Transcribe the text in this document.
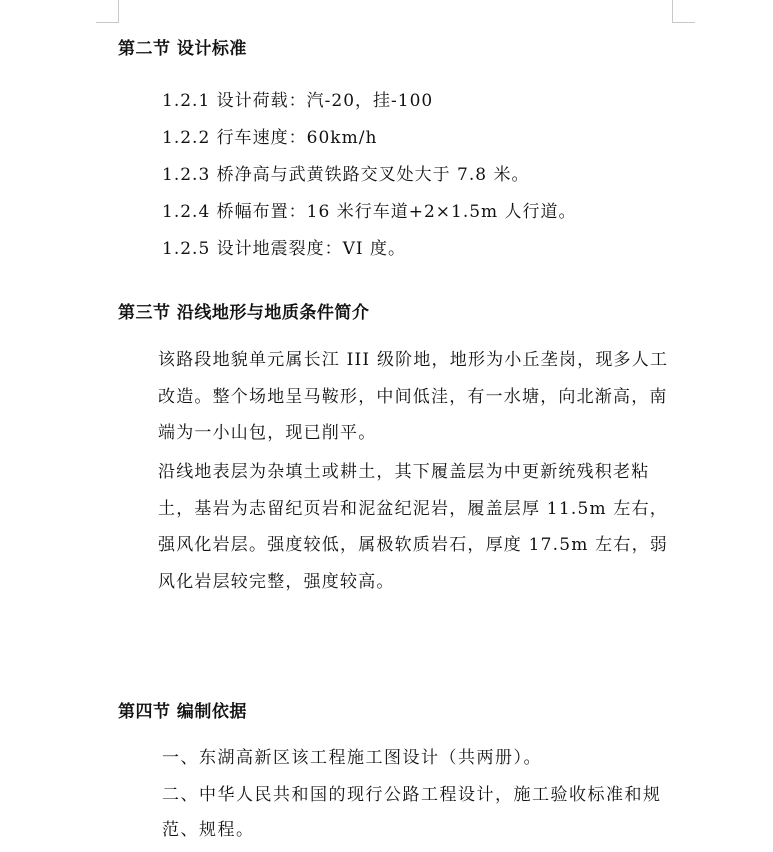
第二节 设计标准
1.2.1 设计荷载：汽-20，挂-100
1.2.2 行车速度：60km/h
1.2.3 桥净高与武黄铁路交叉处大于 7.8 米。
1.2.4 桥幅布置：16 米行车道+2×1.5m 人行道。
1.2.5 设计地震裂度：VI 度。
第三节 沿线地形与地质条件简介
该路段地貌单元属长江 III 级阶地，地形为小丘垄岗，现多人工改造。整个场地呈马鞍形，中间低洼，有一水塘，向北渐高，南端为一小山包，现已削平。
沿线地表层为杂填土或耕土，其下履盖层为中更新统残积老粘土，基岩为志留纪页岩和泥盆纪泥岩，履盖层厚 11.5m 左右，强风化岩层。强度较低，属极软质岩石，厚度 17.5m 左右，弱风化岩层较完整，强度较高。
第四节 编制依据
一、东湖高新区该工程施工图设计（共两册）。
二、中华人民共和国的现行公路工程设计，施工验收标准和规范、规程。
